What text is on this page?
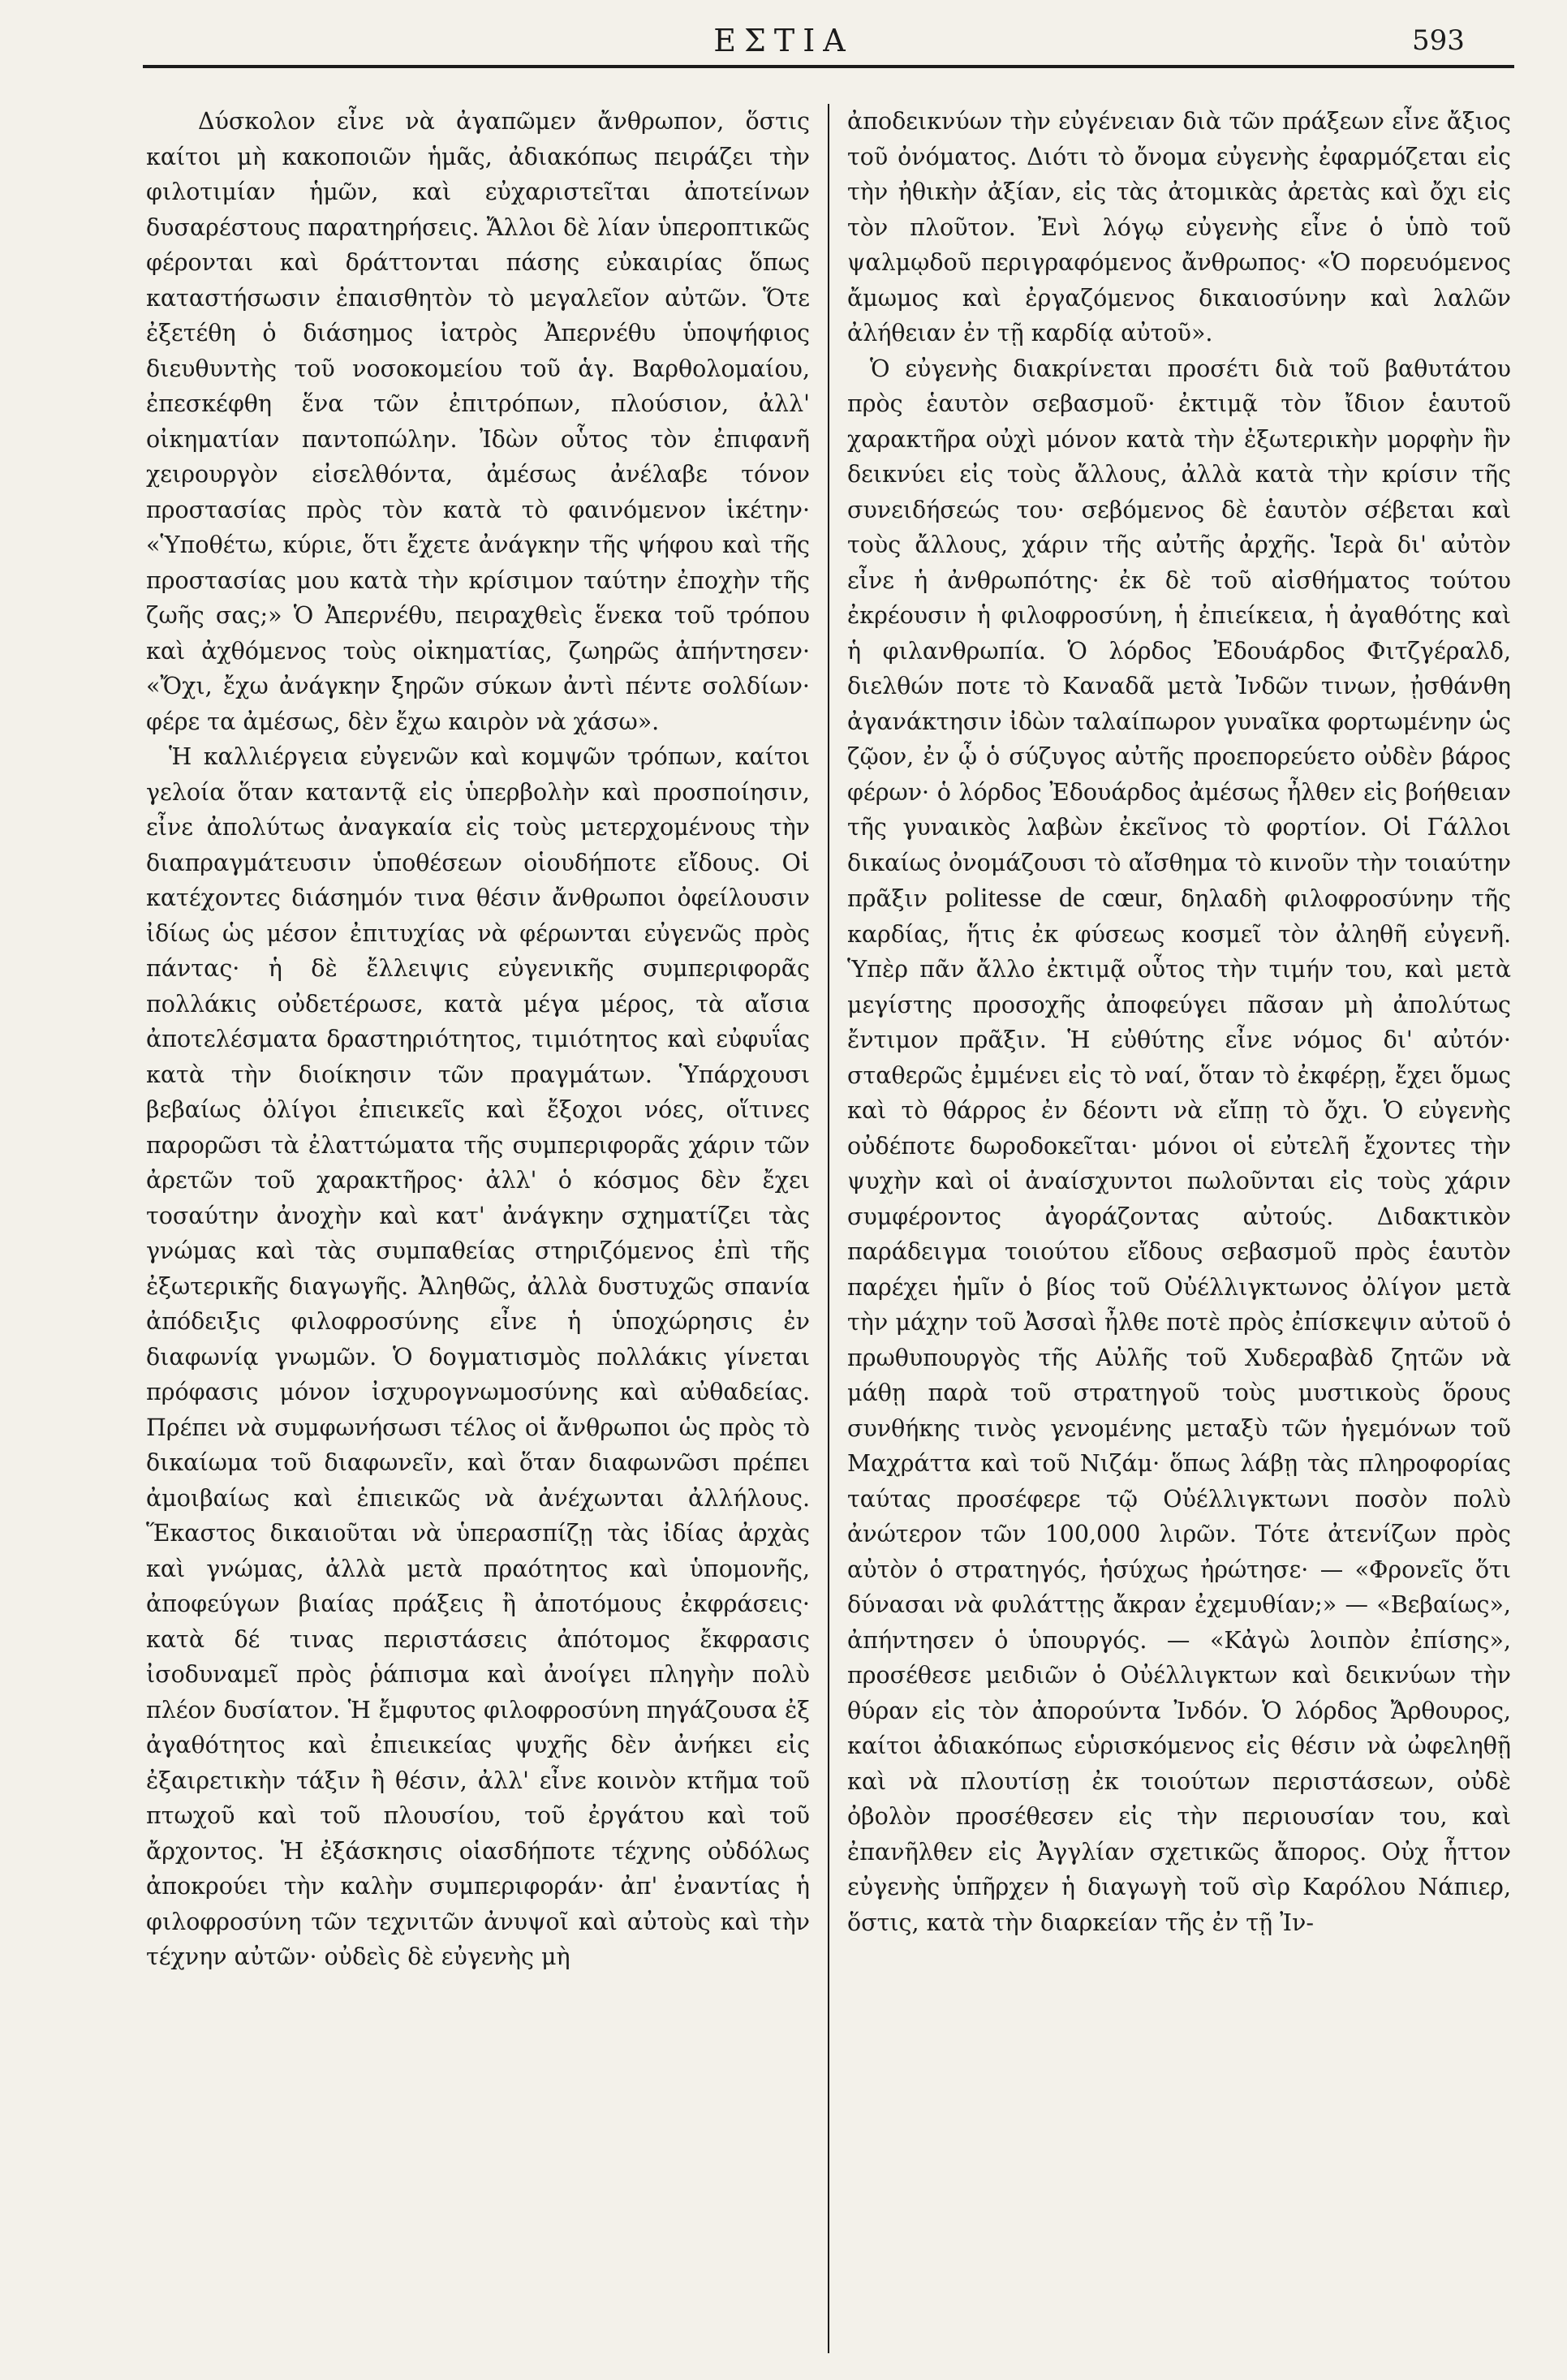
ΕΣΤΙΑ	593

Δύσκολον εἶνε νὰ ἀγαπῶμεν ἄνθρωπον, ὅστις καίτοι μὴ κακοποιῶν ἡμᾶς, ἀδιακόπως πειράζει τὴν φιλοτιμίαν ἡμῶν, καὶ εὐχαριστεῖται ἀποτείνων δυσαρέστους παρατηρήσεις. Ἄλλοι δὲ λίαν ὑπεροπτικῶς φέρονται καὶ δράττονται πάσης εὐκαιρίας ὅπως καταστήσωσιν ἐπαισθητὸν τὸ μεγαλεῖον αὐτῶν. Ὅτε ἐξετέθη ὁ διάσημος ἰατρὸς Ἀπερνέθυ ὑποψήφιος διευθυντὴς τοῦ νοσοκομείου τοῦ ἁγ. Βαρθολομαίου, ἐπεσκέφθη ἕνα τῶν ἐπιτρόπων, πλούσιον, ἀλλ' οἰκηματίαν παντοπώλην. Ἰδὼν οὗτος τὸν ἐπιφανῆ χειρουργὸν εἰσελθόντα, ἀμέσως ἀνέλαβε τόνον προστασίας πρὸς τὸν κατὰ τὸ φαινόμενον ἱκέτην· «Ὑποθέτω, κύριε, ὅτι ἔχετε ἀνάγκην τῆς ψήφου καὶ τῆς προστασίας μου κατὰ τὴν κρίσιμον ταύτην ἐποχὴν τῆς ζωῆς σας;» Ὁ Ἀπερνέθυ, πειραχθεὶς ἕνεκα τοῦ τρόπου καὶ ἀχθόμενος τοὺς οἰκηματίας, ζωηρῶς ἀπήντησεν· «Ὄχι, ἔχω ἀνάγκην ξηρῶν σύκων ἀντὶ πέντε σολδίων· φέρε τα ἀμέσως, δὲν ἔχω καιρὸν νὰ χάσω».

Ἡ καλλιέργεια εὐγενῶν καὶ κομψῶν τρόπων, καίτοι γελοία ὅταν καταντᾷ εἰς ὑπερβολὴν καὶ προσποίησιν, εἶνε ἀπολύτως ἀναγκαία εἰς τοὺς μετερχομένους τὴν διαπραγμάτευσιν ὑποθέσεων οἱουδήποτε εἴδους. Οἱ κατέχοντες διάσημόν τινα θέσιν ἄνθρωποι ὀφείλουσιν ἰδίως ὡς μέσον ἐπιτυχίας νὰ φέρωνται εὐγενῶς πρὸς πάντας· ἡ δὲ ἔλλειψις εὐγενικῆς συμπεριφορᾶς πολλάκις οὐδετέρωσε, κατὰ μέγα μέρος, τὰ αἴσια ἀποτελέσματα δραστηριότητος, τιμιότητος καὶ εὐφυΐας κατὰ τὴν διοίκησιν τῶν πραγμάτων. Ὑπάρχουσι βεβαίως ὀλίγοι ἐπιεικεῖς καὶ ἔξοχοι νόες, οἵτινες παρορῶσι τὰ ἐλαττώματα τῆς συμπεριφορᾶς χάριν τῶν ἀρετῶν τοῦ χαρακτῆρος· ἀλλ' ὁ κόσμος δὲν ἔχει τοσαύτην ἀνοχὴν καὶ κατ' ἀνάγκην σχηματίζει τὰς γνώμας καὶ τὰς συμπαθείας στηριζόμενος ἐπὶ τῆς ἐξωτερικῆς διαγωγῆς. Ἀληθῶς, ἀλλὰ δυστυχῶς σπανία ἀπόδειξις φιλοφροσύνης εἶνε ἡ ὑποχώρησις ἐν διαφωνίᾳ γνωμῶν. Ὁ δογματισμὸς πολλάκις γίνεται πρόφασις μόνον ἰσχυρογνωμοσύνης καὶ αὐθαδείας. Πρέπει νὰ συμφωνήσωσι τέλος οἱ ἄνθρωποι ὡς πρὸς τὸ δικαίωμα τοῦ διαφωνεῖν, καὶ ὅταν διαφωνῶσι πρέπει ἀμοιβαίως καὶ ἐπιεικῶς νὰ ἀνέχωνται ἀλλήλους. Ἕκαστος δικαιοῦται νὰ ὑπερασπίζῃ τὰς ἰδίας ἀρχὰς καὶ γνώμας, ἀλλὰ μετὰ πραότητος καὶ ὑπομονῆς, ἀποφεύγων βιαίας πράξεις ἢ ἀποτόμους ἐκφράσεις· κατὰ δέ τινας περιστάσεις ἀπότομος ἔκφρασις ἰσοδυναμεῖ πρὸς ῥάπισμα καὶ ἀνοίγει πληγὴν πολὺ πλέον δυσίατον. Ἡ ἔμφυτος φιλοφροσύνη πηγάζουσα ἐξ ἀγαθότητος καὶ ἐπιεικείας ψυχῆς δὲν ἀνήκει εἰς ἐξαιρετικὴν τάξιν ἢ θέσιν, ἀλλ' εἶνε κοινὸν κτῆμα τοῦ πτωχοῦ καὶ τοῦ πλουσίου, τοῦ ἐργάτου καὶ τοῦ ἄρχοντος. Ἡ ἐξάσκησις οἱασδήποτε τέχνης οὐδόλως ἀποκρούει τὴν καλὴν συμπεριφοράν· ἀπ' ἐναντίας ἡ φιλοφροσύνη τῶν τεχνιτῶν ἀνυψοῖ καὶ αὐτοὺς καὶ τὴν τέχνην αὐτῶν· οὐδεὶς δὲ εὐγενὴς μὴ

ἀποδεικνύων τὴν εὐγένειαν διὰ τῶν πράξεων εἶνε ἄξιος τοῦ ὀνόματος. Διότι τὸ ὄνομα εὐγενὴς ἐφαρμόζεται εἰς τὴν ἠθικὴν ἀξίαν, εἰς τὰς ἀτομικὰς ἀρετὰς καὶ ὄχι εἰς τὸν πλοῦτον. Ἐνὶ λόγῳ εὐγενὴς εἶνε ὁ ὑπὸ τοῦ ψαλμῳδοῦ περιγραφόμενος ἄνθρωπος· «Ὁ πορευόμενος ἄμωμος καὶ ἐργαζόμενος δικαιοσύνην καὶ λαλῶν ἀλήθειαν ἐν τῇ καρδίᾳ αὐτοῦ».

Ὁ εὐγενὴς διακρίνεται προσέτι διὰ τοῦ βαθυτάτου πρὸς ἑαυτὸν σεβασμοῦ· ἐκτιμᾷ τὸν ἴδιον ἑαυτοῦ χαρακτῆρα οὐχὶ μόνον κατὰ τὴν ἐξωτερικὴν μορφὴν ἣν δεικνύει εἰς τοὺς ἄλλους, ἀλλὰ κατὰ τὴν κρίσιν τῆς συνειδήσεώς του· σεβόμενος δὲ ἑαυτὸν σέβεται καὶ τοὺς ἄλλους, χάριν τῆς αὐτῆς ἀρχῆς. Ἱερὰ δι' αὐτὸν εἶνε ἡ ἀνθρωπότης· ἐκ δὲ τοῦ αἰσθήματος τούτου ἐκρέουσιν ἡ φιλοφροσύνη, ἡ ἐπιείκεια, ἡ ἀγαθότης καὶ ἡ φιλανθρωπία. Ὁ λόρδος Ἐδουάρδος Φιτζγέραλδ, διελθών ποτε τὸ Καναδᾶ μετὰ Ἰνδῶν τινων, ᾐσθάνθη ἀγανάκτησιν ἰδὼν ταλαίπωρον γυναῖκα φορτωμένην ὡς ζῷον, ἐν ᾧ ὁ σύζυγος αὐτῆς προεπορεύετο οὐδὲν βάρος φέρων· ὁ λόρδος Ἐδουάρδος ἀμέσως ἦλθεν εἰς βοήθειαν τῆς γυναικὸς λαβὼν ἐκεῖνος τὸ φορτίον. Οἱ Γάλλοι δικαίως ὀνομάζουσι τὸ αἴσθημα τὸ κινοῦν τὴν τοιαύτην πρᾶξιν politesse de cœur, δηλαδὴ φιλοφροσύνην τῆς καρδίας, ἥτις ἐκ φύσεως κοσμεῖ τὸν ἀληθῆ εὐγενῆ. Ὑπὲρ πᾶν ἄλλο ἐκτιμᾷ οὗτος τὴν τιμήν του, καὶ μετὰ μεγίστης προσοχῆς ἀποφεύγει πᾶσαν μὴ ἀπολύτως ἔντιμον πρᾶξιν. Ἡ εὐθύτης εἶνε νόμος δι' αὐτόν· σταθερῶς ἐμμένει εἰς τὸ ναί, ὅταν τὸ ἐκφέρῃ, ἔχει ὅμως καὶ τὸ θάρρος ἐν δέοντι νὰ εἴπῃ τὸ ὄχι. Ὁ εὐγενὴς οὐδέποτε δωροδοκεῖται· μόνοι οἱ εὐτελῆ ἔχοντες τὴν ψυχὴν καὶ οἱ ἀναίσχυντοι πωλοῦνται εἰς τοὺς χάριν συμφέροντος ἀγοράζοντας αὐτούς. Διδακτικὸν παράδειγμα τοιούτου εἴδους σεβασμοῦ πρὸς ἑαυτὸν παρέχει ἡμῖν ὁ βίος τοῦ Οὐέλλιγκτωνος ὀλίγον μετὰ τὴν μάχην τοῦ Ἀσσαὶ ἦλθε ποτὲ πρὸς ἐπίσκεψιν αὐτοῦ ὁ πρωθυπουργὸς τῆς Αὐλῆς τοῦ Χυδεραβὰδ ζητῶν νὰ μάθῃ παρὰ τοῦ στρατηγοῦ τοὺς μυστικοὺς ὅρους συνθήκης τινὸς γενομένης μεταξὺ τῶν ἡγεμόνων τοῦ Μαχράττα καὶ τοῦ Νιζάμ· ὅπως λάβῃ τὰς πληροφορίας ταύτας προσέφερε τῷ Οὐέλλιγκτωνι ποσὸν πολὺ ἀνώτερον τῶν 100,000 λιρῶν. Τότε ἀτενίζων πρὸς αὐτὸν ὁ στρατηγός, ἡσύχως ἠρώτησε· — «Φρονεῖς ὅτι δύνασαι νὰ φυλάττῃς ἄκραν ἐχεμυθίαν;» — «Βεβαίως», ἀπήντησεν ὁ ὑπουργός. — «Κἀγὼ λοιπὸν ἐπίσης», προσέθεσε μειδιῶν ὁ Οὐέλλιγκτων καὶ δεικνύων τὴν θύραν εἰς τὸν ἀπορούντα Ἰνδόν. Ὁ λόρδος Ἄρθουρος, καίτοι ἀδιακόπως εὑρισκόμενος εἰς θέσιν νὰ ὠφεληθῇ καὶ νὰ πλουτίσῃ ἐκ τοιούτων περιστάσεων, οὐδὲ ὀβολὸν προσέθεσεν εἰς τὴν περιουσίαν του, καὶ ἐπανῆλθεν εἰς Ἀγγλίαν σχετικῶς ἄπορος. Οὐχ ἧττον εὐγενὴς ὑπῆρχεν ἡ διαγωγὴ τοῦ σὶρ Καρόλου Νάπιερ, ὅστις, κατὰ τὴν διαρκείαν τῆς ἐν τῇ Ἰν-
